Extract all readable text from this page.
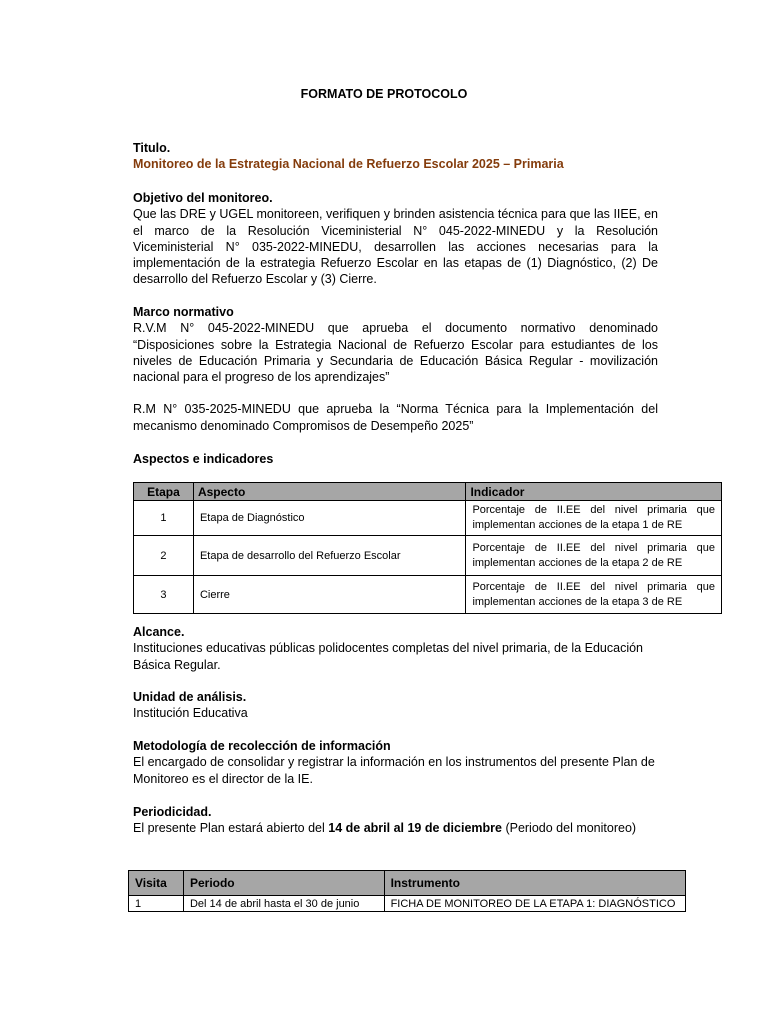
FORMATO DE PROTOCOLO
Titulo.
Monitoreo de la Estrategia Nacional de Refuerzo Escolar 2025 – Primaria
Objetivo del monitoreo.
Que las DRE y UGEL monitoreen, verifiquen y brinden asistencia técnica para que las IIEE, en el marco de la Resolución Viceministerial N° 045-2022-MINEDU y la Resolución Viceministerial N° 035-2022-MINEDU, desarrollen las acciones necesarias para la implementación de la estrategia Refuerzo Escolar en las etapas de (1) Diagnóstico, (2) De desarrollo del Refuerzo Escolar y (3) Cierre.
Marco normativo
R.V.M N° 045-2022-MINEDU que aprueba el documento normativo denominado “Disposiciones sobre la Estrategia Nacional de Refuerzo Escolar para estudiantes de los niveles de Educación Primaria y Secundaria de Educación Básica Regular - movilización nacional para el progreso de los aprendizajes”
R.M N° 035-2025-MINEDU que aprueba la “Norma Técnica para la Implementación del mecanismo denominado Compromisos de Desempeño 2025”
Aspectos e indicadores
Etapa	Aspecto	Indicador
1	Etapa de Diagnóstico	Porcentaje de II.EE del nivel primaria que implementan acciones de la etapa 1 de RE
2	Etapa de desarrollo del Refuerzo Escolar	Porcentaje de II.EE del nivel primaria que implementan acciones de la etapa 2 de RE
3	Cierre	Porcentaje de II.EE del nivel primaria que implementan acciones de la etapa 3 de RE
Alcance.
Instituciones educativas públicas polidocentes completas del nivel primaria, de la Educación Básica Regular.
Unidad de análisis.
Institución Educativa
Metodología de recolección de información
El encargado de consolidar y registrar la información en los instrumentos del presente Plan de Monitoreo es el director de la IE.
Periodicidad.
El presente Plan estará abierto del 14 de abril al 19 de diciembre (Periodo del monitoreo)
Visita	Periodo	Instrumento
1	Del 14 de abril hasta el 30 de junio	FICHA DE MONITOREO DE LA ETAPA 1: DIAGNÓSTICO
